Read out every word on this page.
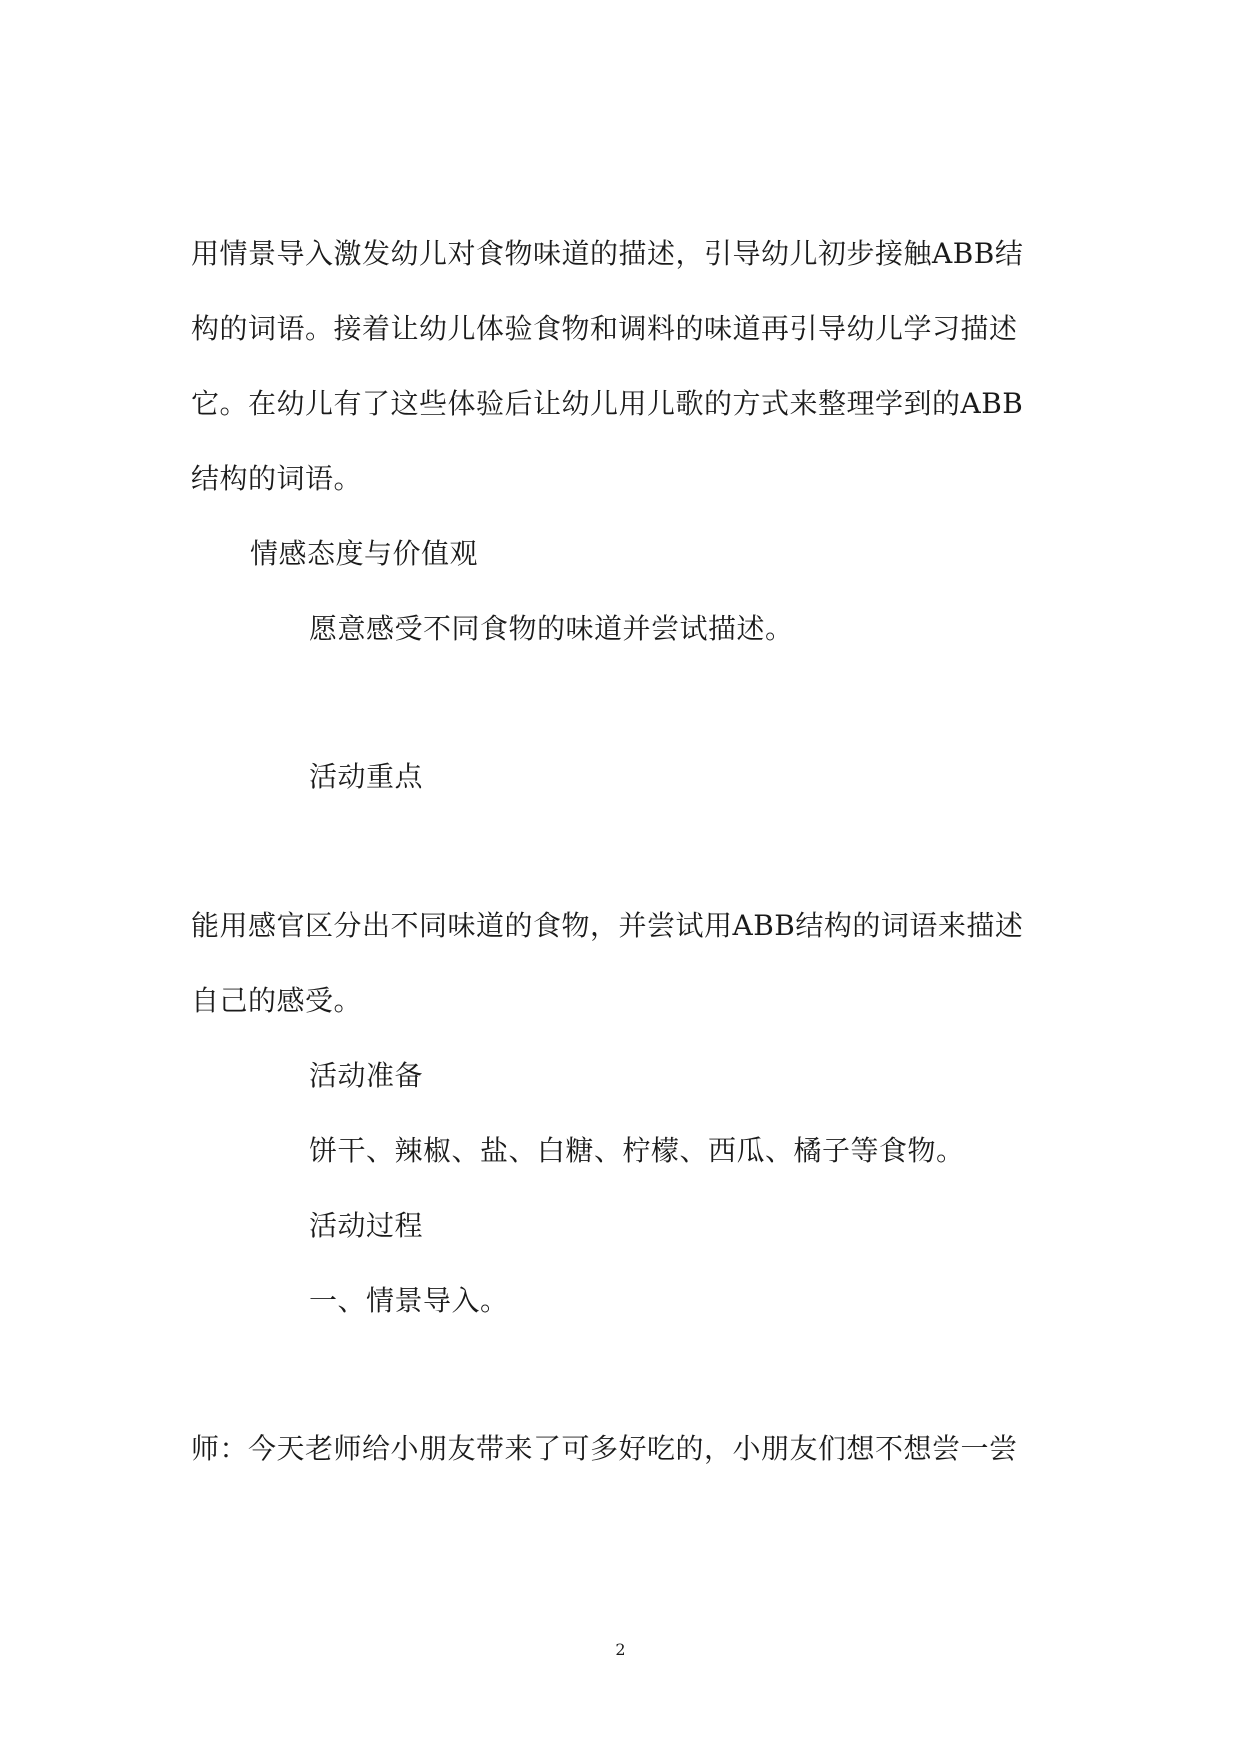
用情景导入激发幼儿对食物味道的描述，引导幼儿初步接触ABB结
构的词语。接着让幼儿体验食物和调料的味道再引导幼儿学习描述
它。在幼儿有了这些体验后让幼儿用儿歌的方式来整理学到的ABB
结构的词语。
情感态度与价值观
愿意感受不同食物的味道并尝试描述。
活动重点
能用感官区分出不同味道的食物，并尝试用ABB结构的词语来描述
自己的感受。
活动准备
饼干、辣椒、盐、白糖、柠檬、西瓜、橘子等食物。
活动过程
一、情景导入。
师：今天老师给小朋友带来了可多好吃的，小朋友们想不想尝一尝
2
